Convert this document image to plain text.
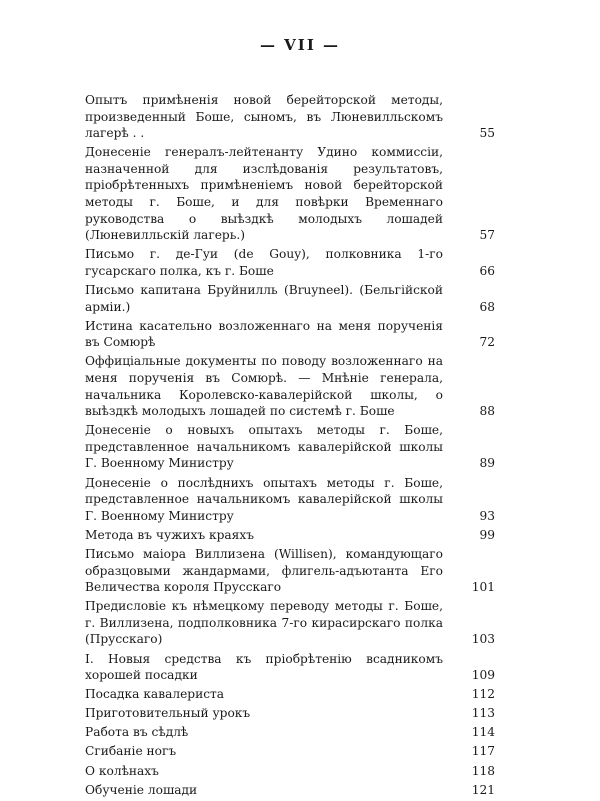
— VII —
Опытъ примѣненія новой берейторской методы, произведенный Боше, сыномъ, въ Люневилльскомъ лагерѣ . .	55
Донесеніе генералъ-лейтенанту Удино коммиссіи, назначенной для изслѣдованія результатовъ, пріобрѣтенныхъ примѣненіемъ новой берейторской методы г. Боше, и для повѣрки Временнаго руководства о выѣздкѣ молодыхъ лошадей (Люневилльскій лагерь.)	57
Письмо г. де-Гуи (de Gouy), полковника 1-го гусарскаго полка, къ г. Боше	66
Письмо капитана Бруйнилль (Bruyneel). (Бельгійской арміи.)	68
Истина касательно возложеннаго на меня порученія въ Сомюрѣ	72
Оффиціальные документы по поводу возложеннаго на меня порученія въ Сомюрѣ. — Мнѣніе генерала, начальника Королевско-кавалерійской школы, о выѣздкѣ молодыхъ лошадей по системѣ г. Боше	88
Донесеніе о новыхъ опытахъ методы г. Боше, представленное начальникомъ кавалерійской школы Г. Военному Министру	89
Донесеніе о послѣднихъ опытахъ методы г. Боше, представленное начальникомъ кавалерійской школы Г. Военному Министру	93
Метода въ чужихъ краяхъ	99
Письмо маіора Виллизена (Willisen), командующаго образцовыми жандармами, флигель-адъютанта Его Величества короля Прусскаго	101
Предисловіе къ нѣмецкому переводу методы г. Боше, г. Виллизена, подполковника 7-го кирасирскаго полка (Прусскаго)	103
I. Новыя средства къ пріобрѣтенію всадникомъ хорошей посадки	109
Посадка кавалериста	112
Приготовительный урокъ	113
Работа въ сѣдлѣ	114
Сгибаніе ногъ	117
О колѣнахъ	118
Обученіе лошади	121
